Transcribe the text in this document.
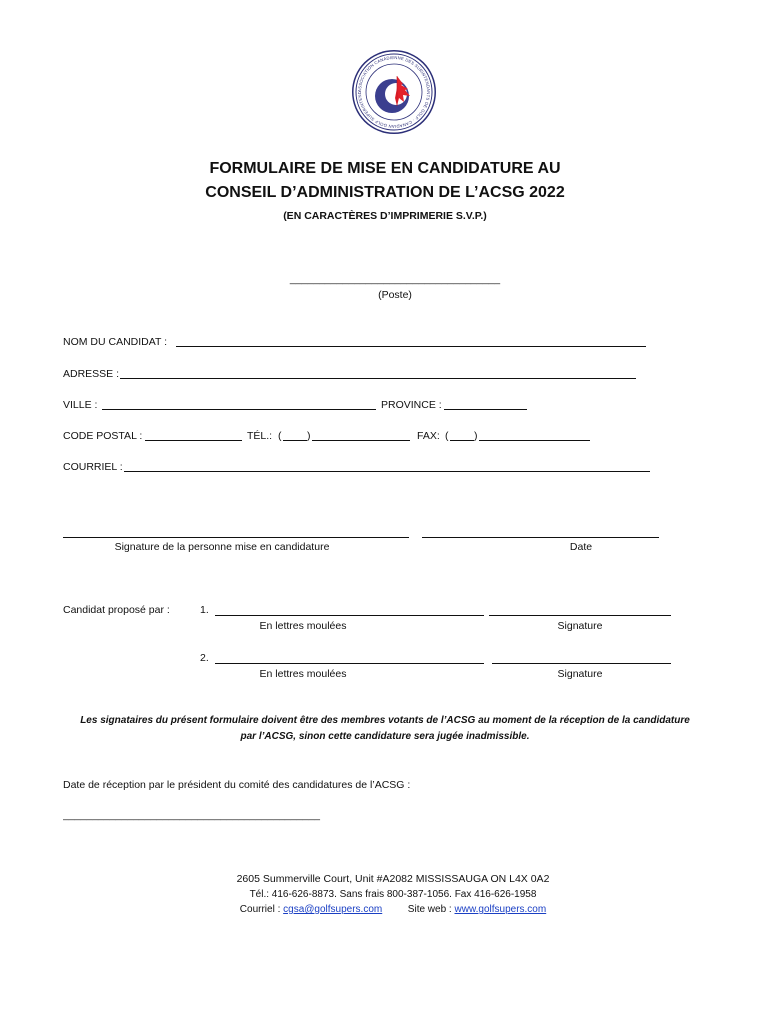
ASSOCIATION CANADIENNE DES SURINTENDANTS DE GOLF · CANADIAN GOLF SUPERINTEND
FORMULAIRE DE MISE EN CANDIDATURE AU
CONSEIL D’ADMINISTRATION DE L’ACSG 2022
(EN CARACTÈRES D’IMPRIMERIE S.V.P.)
____________________________________
(Poste)
NOM DU CANDIDAT :
ADRESSE :
VILLE :	PROVINCE :
CODE POSTAL :	TÉL.: ( )	FAX: ( )
COURRIEL :
Signature de la personne mise en candidature	Date
Candidat proposé par :	1.
En lettres moulées	Signature
2.
En lettres moulées	Signature
Les signataires du présent formulaire doivent être des membres votants de l’ACSG au moment de la réception de la candidature
par l’ACSG, sinon cette candidature sera jugée inadmissible.
Date de réception par le président du comité des candidatures de l’ACSG :
____________________________________________
2605 Summerville Court, Unit #A2082 MISSISSAUGA ON L4X 0A2
Tél.: 416-626-8873. Sans frais 800-387-1056. Fax 416-626-1958
Courriel : cgsa@golfsupers.com	Site web : www.golfsupers.com
